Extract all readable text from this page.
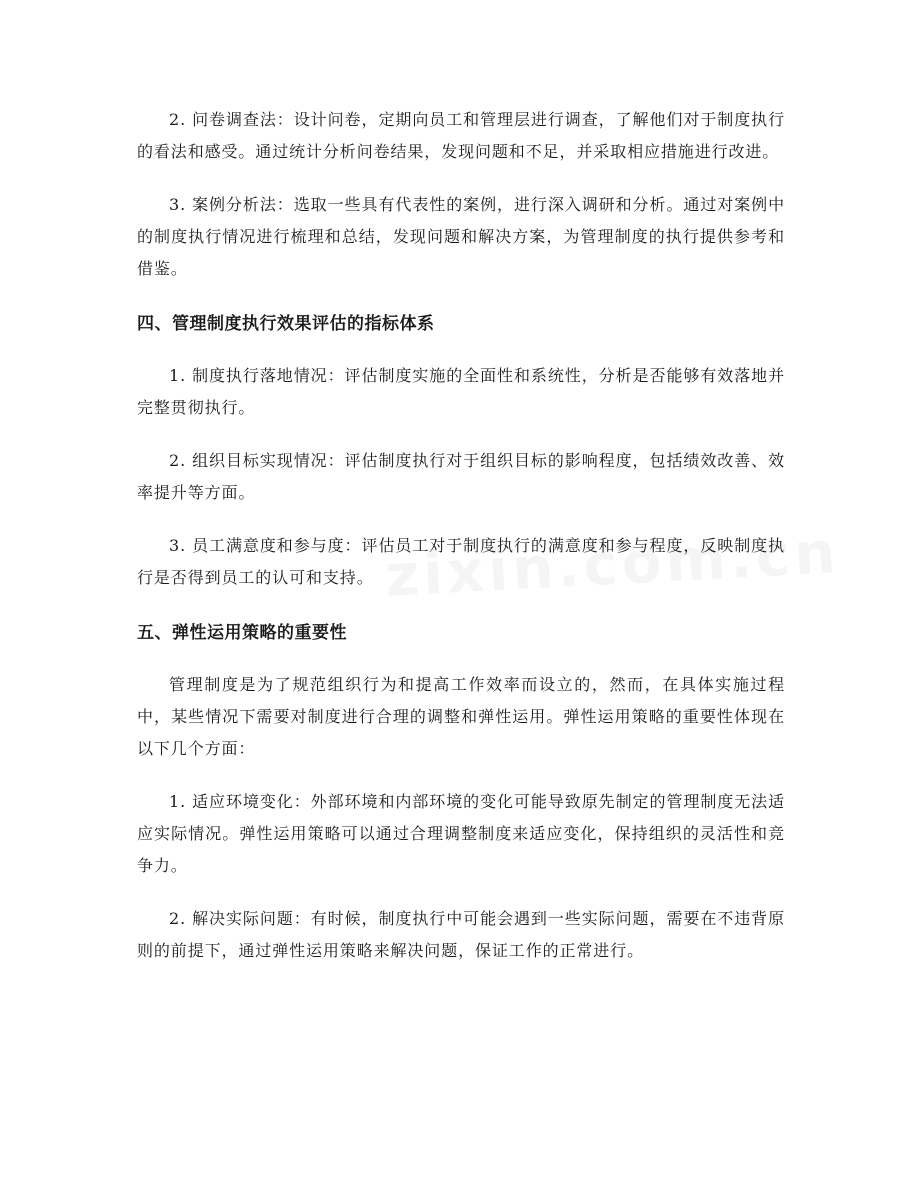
2. 问卷调查法：设计问卷，定期向员工和管理层进行调查，了解他们对于制度执行的看法和感受。通过统计分析问卷结果，发现问题和不足，并采取相应措施进行改进。

3. 案例分析法：选取一些具有代表性的案例，进行深入调研和分析。通过对案例中的制度执行情况进行梳理和总结，发现问题和解决方案，为管理制度的执行提供参考和借鉴。

四、管理制度执行效果评估的指标体系

1. 制度执行落地情况：评估制度实施的全面性和系统性，分析是否能够有效落地并完整贯彻执行。

2. 组织目标实现情况：评估制度执行对于组织目标的影响程度，包括绩效改善、效率提升等方面。

3. 员工满意度和参与度：评估员工对于制度执行的满意度和参与程度，反映制度执行是否得到员工的认可和支持。

五、弹性运用策略的重要性

管理制度是为了规范组织行为和提高工作效率而设立的，然而，在具体实施过程中，某些情况下需要对制度进行合理的调整和弹性运用。弹性运用策略的重要性体现在以下几个方面：

1. 适应环境变化：外部环境和内部环境的变化可能导致原先制定的管理制度无法适应实际情况。弹性运用策略可以通过合理调整制度来适应变化，保持组织的灵活性和竞争力。

2. 解决实际问题：有时候，制度执行中可能会遇到一些实际问题，需要在不违背原则的前提下，通过弹性运用策略来解决问题，保证工作的正常进行。
